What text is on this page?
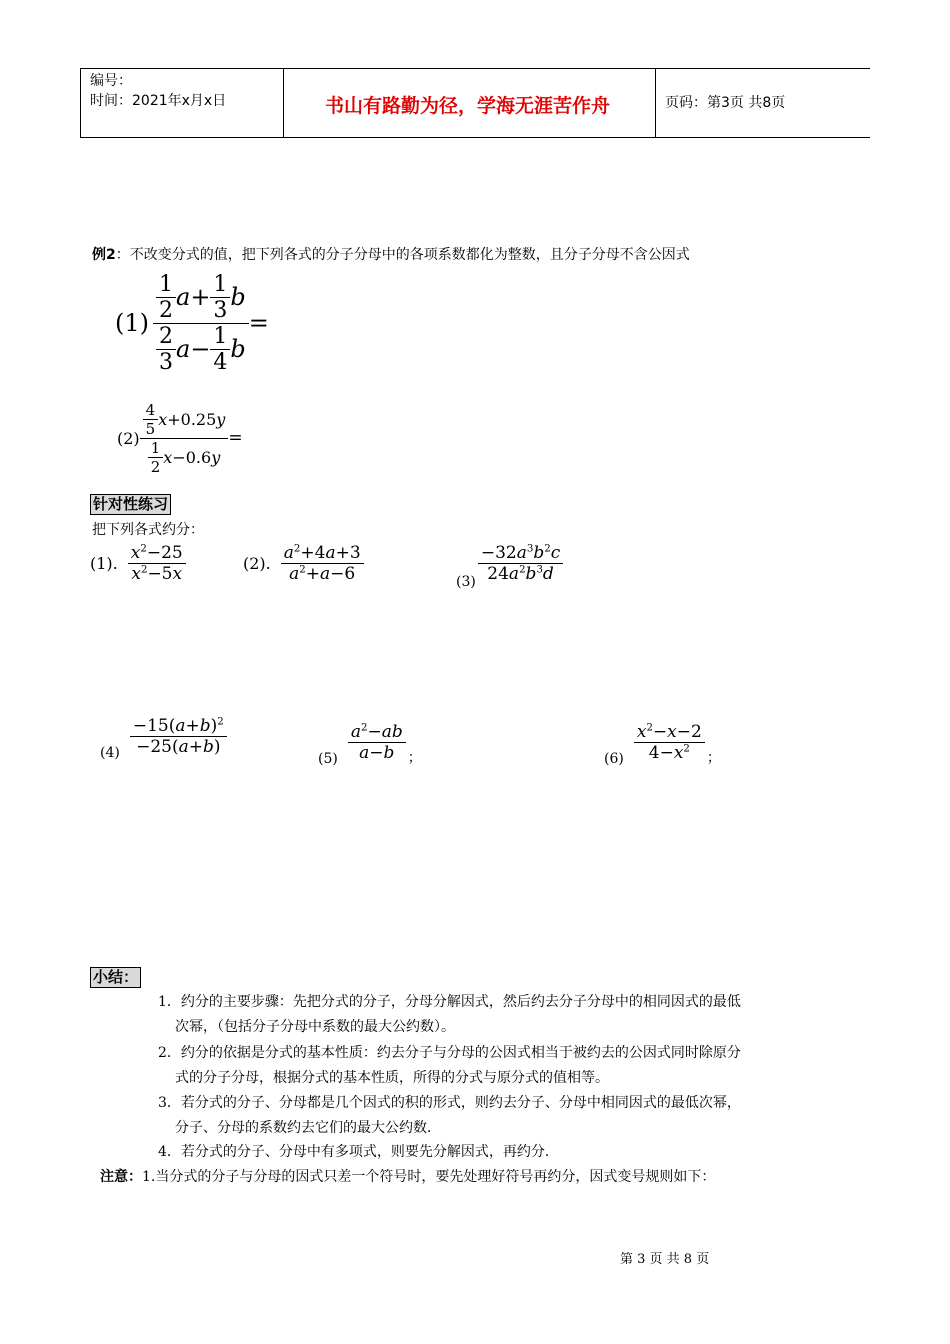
编号：
时间：2021年x月x日	书山有路勤为径，学海无涯苦作舟	页码：第3页 共8页
例2：不改变分式的值，把下列各式的分子分母中的各项系数都化为整数，且分子分母不含公因式
$(1) \frac{\frac{1}{2} a + \frac{1}{3} b}{\frac{2}{3} a - \frac{1}{4} b}$ =
$(2) \frac{\frac{4}{5} x +0.25 y}{\frac{1}{2} x -0.6 y}$ =
针对性练习
把下列各式约分：
(1). $\frac{x^2-25}{x^2-5x}$	(2). $\frac{a^2+4a+3}{a^2+a-6}$	$(3) \frac{-32a^3b^2c}{24a^2b^3d}$
$(4) \frac{-15(a+b)^2}{-25(a+b)}$
$(5) \frac{a^2-ab}{a-b}$ ；	$(6) \frac{x^2-x-2}{4-x^2}$ ；
小结：
1．约分的主要步骤：先把分式的分子，分母分解因式，然后约去分子分母中的相同因式的最低
次幂，（包括分子分母中系数的最大公约数）。
2．约分的依据是分式的基本性质：约去分子与分母的公因式相当于被约去的公因式同时除原分
式的分子分母，根据分式的基本性质，所得的分式与原分式的值相等。
3．若分式的分子、分母都是几个因式的积的形式，则约去分子、分母中相同因式的最低次幂，
分子、分母的系数约去它们的最大公约数．
4．若分式的分子、分母中有多项式，则要先分解因式，再约分．
注意：1.当分式的分子与分母的因式只差一个符号时，要先处理好符号再约分，因式变号规则如下：
第 3 页 共 8 页
